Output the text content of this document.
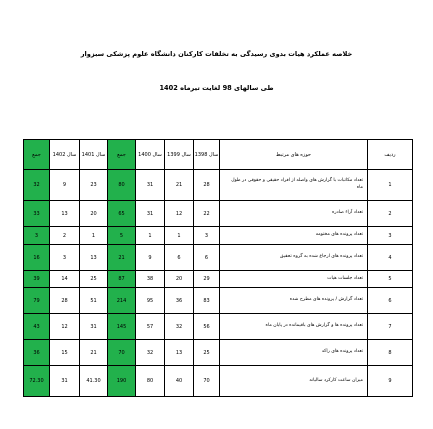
خلاصه عملکرد هیات بدوی رسیدگی به تخلفات کارکنان دانشگاه علوم پزشکی سبزوار
طی سالهای 98 لغایت تیرماه 1402
جمع	سال 1402	سال 1401	جمع	سال 1400	سال 1399	سال 1398	حوزه های مرتبط	ردیف
32	9	23	80	31	21	28	تعداد مکاتبات با گزارش های واصله از افراد حقیقی و حقوقی در طول ماه	1
33	13	20	65	31	12	22	تعداد آراء صادره	2
3	2	1	5	1	1	3	تعداد پرونده های مختومه	3
16	3	13	21	9	6	6	تعداد پرونده های ارجاع شده به گروه تحقیق	4
39	14	25	87	38	20	29	تعداد جلسات هیات	5
79	28	51	214	95	36	83	تعداد گزارش / پرونده های مطرح شده	6
43	12	31	145	57	32	56	تعداد پرونده ها و گزارش های باقیمانده در پایان ماه	7
36	15	21	70	32	13	25	تعداد پرونده های راکد	8
72.30	31	41.30	190	80	40	70	میزان ساعت کارکرد سالیانه	9
